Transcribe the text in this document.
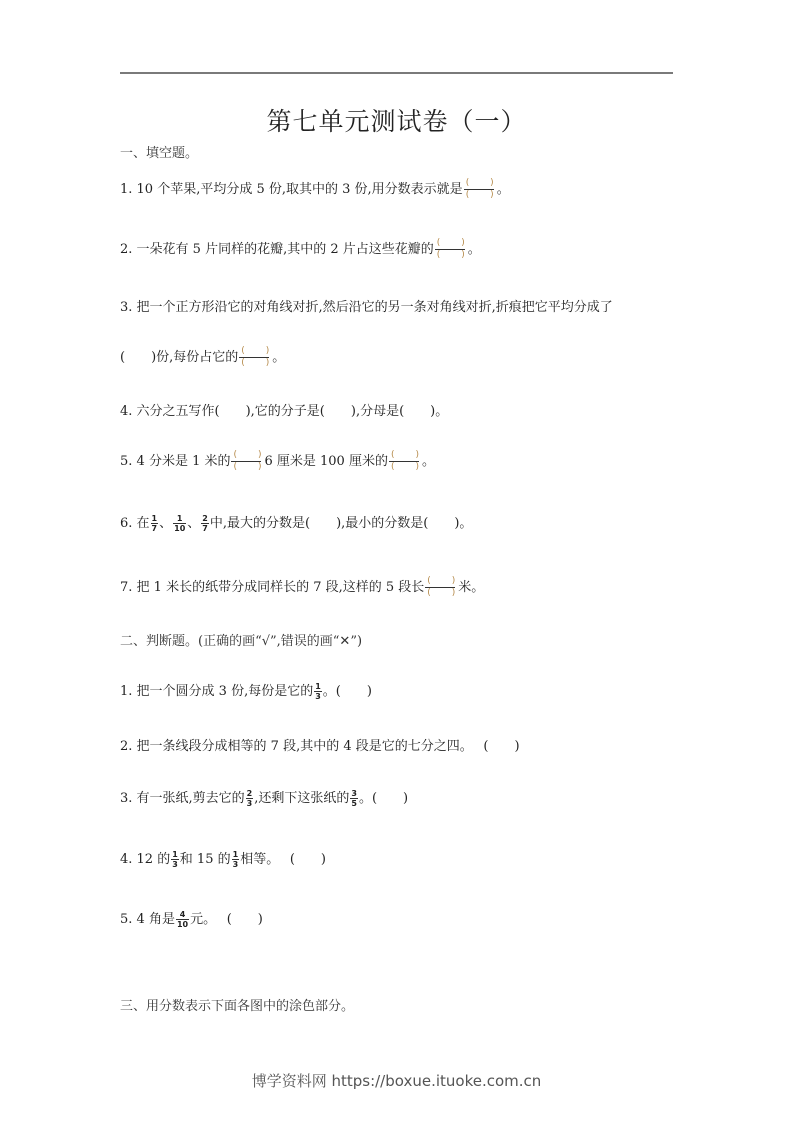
第七单元测试卷（一）
一、填空题。
1. 10 个苹果,平均分成 5 份,取其中的 3 份,用分数表示就是 ( )
( ) 。
2. 一朵花有 5 片同样的花瓣,其中的 2 片占这些花瓣的 ( )
( ) 。
3. 把一个正方形沿它的对角线对折,然后沿它的另一条对角线对折,折痕把它平均分成了
(　　)份,每份占它的 ( )
( ) 。
4. 六分之五写作(　　),它的分子是(　　),分母是(　　)。
5. 4 分米是 1 米的 ( )
( ) 6 厘米是 100 厘米的 ( )
( ) 。
6. 在 $\frac{1}{7}$ 、 $\frac{1}{10}$ 、 $\frac{2}{7}$ 中,最大的分数是(　　),最小的分数是(　　)。
7. 把 1 米长的纸带分成同样长的 7 段,这样的 5 段长 ( )
( ) 米。
二、判断题。(正确的画“√”,错误的画“✕”)
1. 把一个圆分成 3 份,每份是它的 $\frac{1}{3}$ 。(　　)
2. 把一条线段分成相等的 7 段,其中的 4 段是它的七分之四。　 (　　)
3. 有一张纸,剪去它的 $\frac{2}{3}$ ,还剩下这张纸的 $\frac{3}{5}$ 。(　　)
4. 12 的 $\frac{1}{3}$ 和 15 的 $\frac{1}{3}$ 相等。　 (　　)
5. 4 角是 $\frac{4}{10}$ 元。　 (　　)
三、用分数表示下面各图中的涂色部分。
博学资料网 https://boxue.ituoke.com.cn
